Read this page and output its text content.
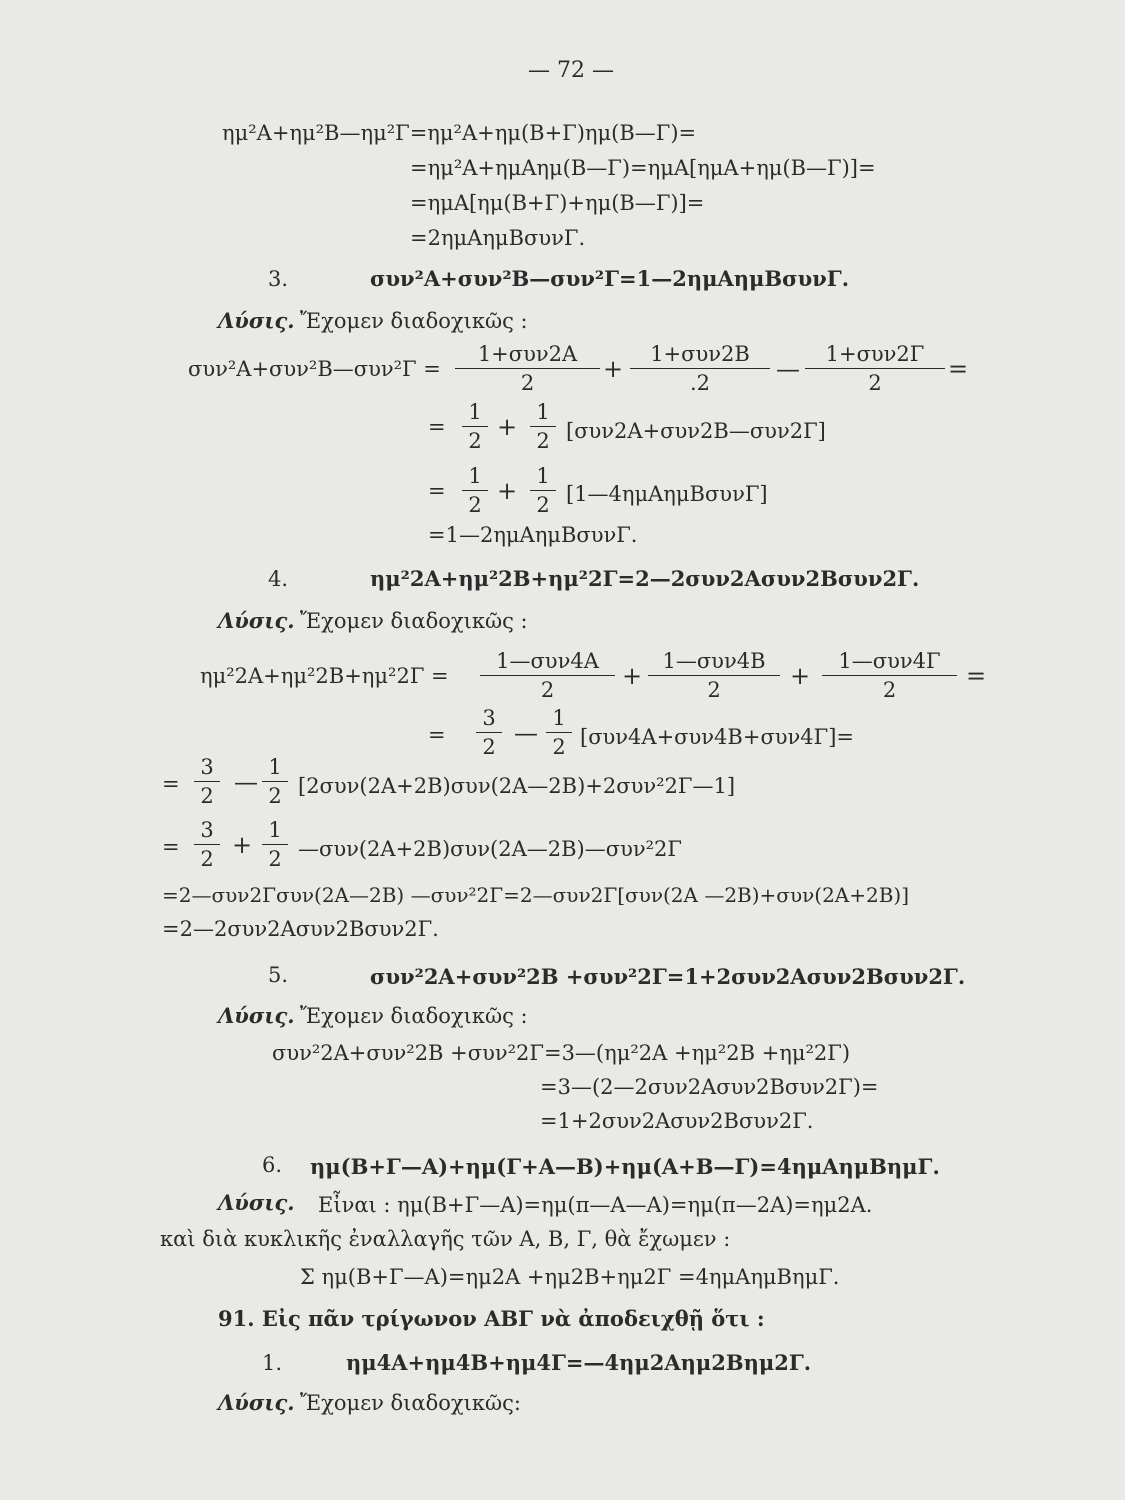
— 72 —
ημ²Α+ημ²Β—ημ²Γ=ημ²Α+ημ(Β+Γ)ημ(Β—Γ)=
=ημ²Α+ημΑημ(Β—Γ)=ημΑ[ημΑ+ημ(Β—Γ)]=
=ημΑ[ημ(Β+Γ)+ημ(Β—Γ)]=
=2ημΑημΒσυνΓ.
3.	συν²Α+συν²Β—συν²Γ=1—2ημΑημΒσυνΓ.
Λύσις. Ἔχομεν διαδοχικῶς :
συν²Α+συν²Β—συν²Γ =
1+συν2Α
2	+
1+συν2Β
.2	—
1+συν2Γ
2	=
=
1
2 +
1
2 [συν2Α+συν2Β—συν2Γ]
=
1
2 +
1
2 [1—4ημΑημΒσυνΓ]
=1—2ημΑημΒσυνΓ.
4.	ημ²2Α+ημ²2Β+ημ²2Γ=2—2συν2Ασυν2Βσυν2Γ.
Λύσις. Ἔχομεν διαδοχικῶς :
ημ²2Α+ημ²2Β+ημ²2Γ =
1—συν4Α
2	+
1—συν4Β
2	+
1—συν4Γ
2	=
=
3
2 —
1
2 [συν4Α+συν4Β+συν4Γ]=
=
3
2 —
1
2 [2συν(2Α+2Β)συν(2Α—2Β)+2συν²2Γ—1]
=
3
2 +
1
2 —συν(2Α+2Β)συν(2Α—2Β)—συν²2Γ
=2—συν2Γσυν(2Α—2Β) —συν²2Γ=2—συν2Γ[συν(2Α —2Β)+συν(2Α+2Β)]
=2—2συν2Ασυν2Βσυν2Γ.
5.	συν²2Α+συν²2Β +συν²2Γ=1+2συν2Ασυν2Βσυν2Γ.
Λύσις. Ἔχομεν διαδοχικῶς :
συν²2Α+συν²2Β +συν²2Γ=3—(ημ²2Α +ημ²2Β +ημ²2Γ)
=3—(2—2συν2Ασυν2Βσυν2Γ)=
=1+2συν2Ασυν2Βσυν2Γ.
6. ημ(Β+Γ—Α)+ημ(Γ+Α—Β)+ημ(Α+Β—Γ)=4ημΑημΒημΓ.
Λύσις. Εἶναι : ημ(Β+Γ—Α)=ημ(π—Α—Α)=ημ(π—2Α)=ημ2Α.
καὶ διὰ κυκλικῆς ἐναλλαγῆς τῶν Α, Β, Γ, θὰ ἔχωμεν :
Σ ημ(Β+Γ—Α)=ημ2Α +ημ2Β+ημ2Γ =4ημΑημΒημΓ.
91. Εἰς πᾶν τρίγωνον ΑΒΓ νὰ ἀποδειχθῇ ὅτι :
1.	ημ4Α+ημ4Β+ημ4Γ=—4ημ2Αημ2Βημ2Γ.
Λύσις. Ἔχομεν διαδοχικῶς:
